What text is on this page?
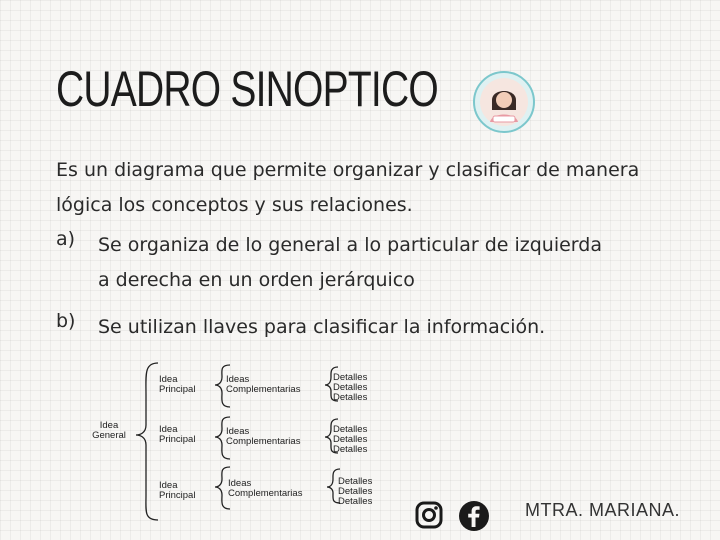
CUADRO SINOPTICO
Es un diagrama que permite organizar y clasificar de manera lógica los conceptos y sus relaciones.
a) Se organiza de lo general a lo particular de izquierda
a derecha en un orden jerárquico
b) Se utilizan llaves para clasificar la información.
Idea
General
Idea
Principal
Idea
Principal
Idea
Principal
Ideas
Complementarias
Ideas
Complementarias
Ideas
Complementarias
Detalles
Detalles
Detalles
Detalles
Detalles
Detalles
Detalles
Detalles
Detalles	MTRA. MARIANA.
